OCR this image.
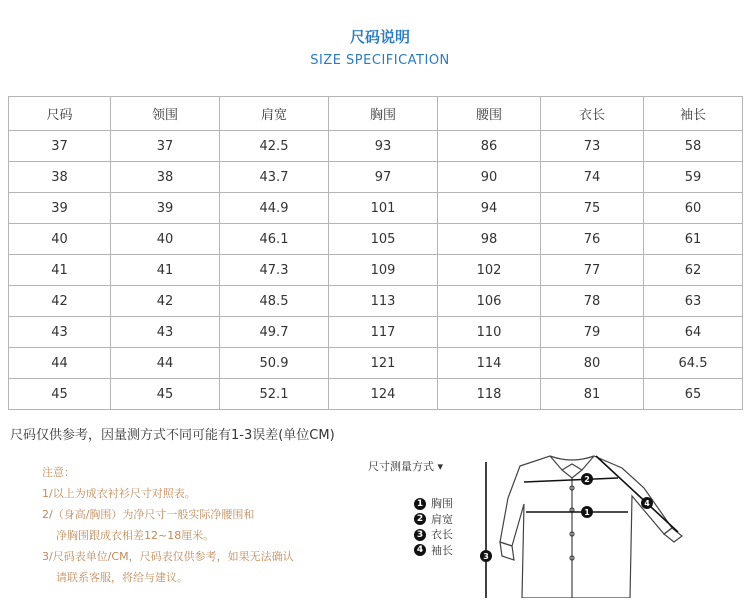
尺码说明
SIZE SPECIFICATION
尺码	领围	肩宽	胸围	腰围	衣长	袖长
37	37	42.5	93	86	73	58
38	38	43.7	97	90	74	59
39	39	44.9	101	94	75	60
40	40	46.1	105	98	76	61
41	41	47.3	109	102	77	62
42	42	48.5	113	106	78	63
43	43	49.7	117	110	79	64
44	44	50.9	121	114	80	64.5
45	45	52.1	124	118	81	65
尺码仅供参考，因量测方式不同可能有1-3误差(单位CM)
注意：
1/以上为成衣衬衫尺寸对照表。
2/（身高/胸围）为净尺寸一般实际净腰围和
净胸围跟成衣相差12~18厘米。
3/尺码表单位/CM，尺码表仅供参考，如果无法确认
请联系客服，将给与建议。
尺寸测量方式 ▾
1 胸围
2 肩宽
3 衣长
4 袖长
1
2
4
3
